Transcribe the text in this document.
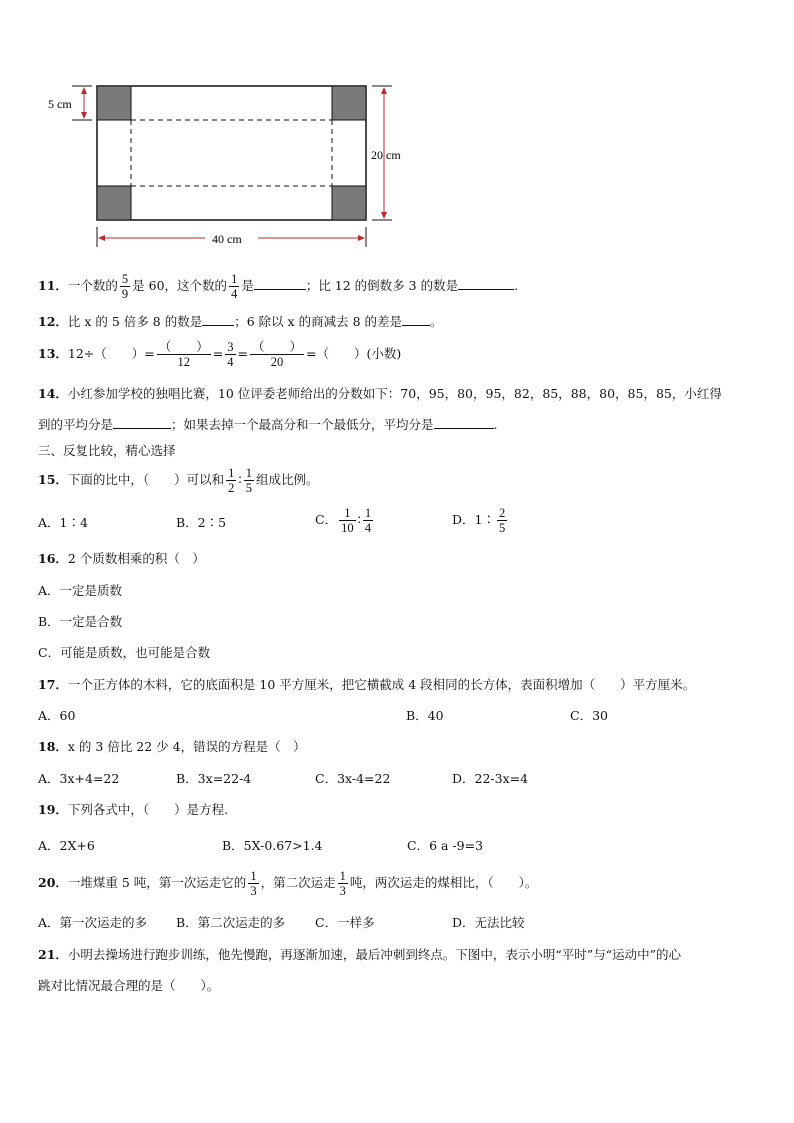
5 cm
20 cm
40 cm
11．一个数的 $\frac{5}{9}$ 是 60，这个数的 $\frac{1}{4}$ 是	；比 12 的倒数多 3 的数是	.
12．比 x 的 5 倍多 8 的数是	；6 除以 x 的商减去 8 的差是 。
13．12÷（　　）= $\frac{( )}{12} = \frac{3}{4} = \frac{( )}{20}$ =（　　）(小数)
14．小红参加学校的独唱比赛，10 位评委老师给出的分数如下：70，95，80，95，82，85，88，80，85，85，小红得
到的平均分是	；如果去掉一个最高分和一个最低分，平均分是	.
三、反复比较，精心选择
15．下面的比中，（　　）可以和 $\frac{1}{2}$ ∶ $\frac{1}{5}$ 组成比例。
A．1∶4	B．2∶5	C． $\frac{1}{10}$ ∶ $\frac{1}{4}$	D．1∶ $\frac{2}{5}$
16．2 个质数相乘的积（　）
A．一定是质数
B．一定是合数
C．可能是质数，也可能是合数
17．一个正方体的木料，它的底面积是 10 平方厘米，把它横截成 4 段相同的长方体，表面积增加（　　）平方厘米。
A．60	B．40	C．30
18．x 的 3 倍比 22 少 4，错误的方程是（　）
A．3x+4=22	B．3x=22-4	C．3x-4=22	D．22-3x=4
19．下列各式中，（　　）是方程.
A．2X+6	B．5X-0.67>1.4	C．6 a -9=3
20．一堆煤重 5 吨，第一次运走它的 $\frac{1}{3}$ ，第二次运走 $\frac{1}{3}$ 吨，两次运走的煤相比，（　　）。
A．第一次运走的多 B．第二次运走的多 C．一样多	D．无法比较
21．小明去操场进行跑步训练，他先慢跑，再逐渐加速，最后冲刺到终点。下图中，表示小明“平时”与“运动中”的心
跳对比情况最合理的是（　　）。
